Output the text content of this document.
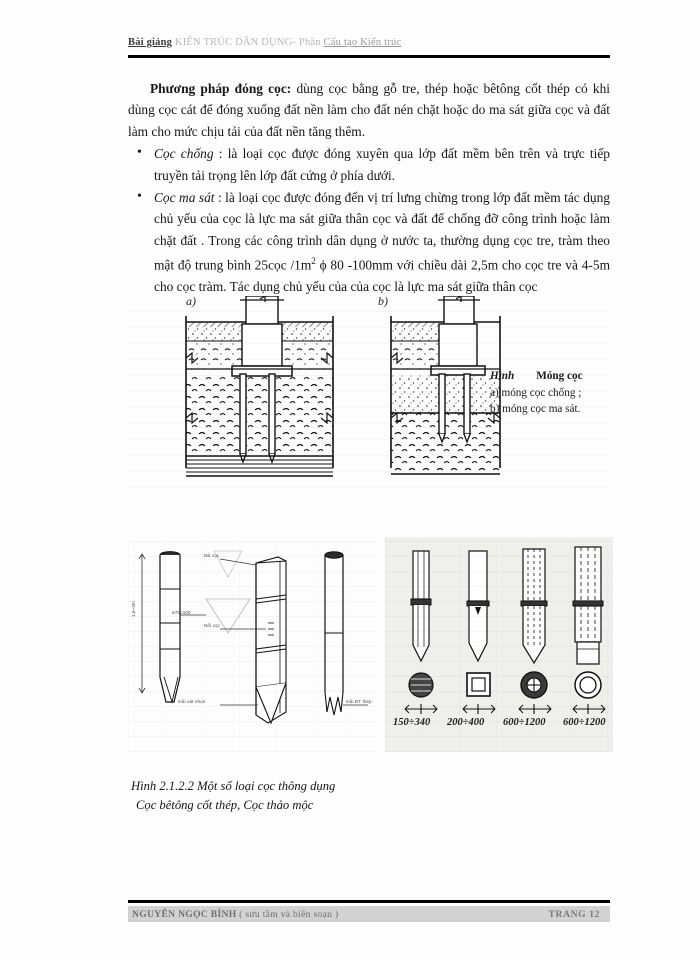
Bài giảng KIẾN TRÚC DÂN DỤNG- Phần Cấu tạo Kiến trúc

Phương pháp đóng cọc: dùng cọc bằng gỗ tre, thép hoặc bêtông cốt thép có khi dùng cọc cát để đóng xuống đất nền làm cho đất nén chặt hoặc do ma sát giữa cọc và đất làm cho mức chịu tải của đất nền tăng thêm.

• Cọc chống : là loại cọc được đóng xuyên qua lớp đất mềm bên trên và trực tiếp truyền tải trọng lên lớp đất cứng ở phía dưới.
• Cọc ma sát : là loại cọc được đóng đến vị trí lưng chừng trong lớp đất mềm tác dụng chủ yếu của cọc là lực ma sát giữa thân cọc và đất để chống đỡ công trình hoặc làm chặt đất . Trong các công trình dân dụng ở nước ta, thường dụng cọc tre, tràm theo mật độ trung bình 25cọc $/1m^2$ ϕ 80 -100mm với chiều dài 2,5m cho cọc tre và 4-5m cho cọc tràm. Tác dụng chủ yếu của của cọc là lực ma sát giữa thân cọc
a)	b)
Hình Móng cọc
a) móng cọc chống ;
b) móng cọc ma sát.
ø70÷100
1,5÷3m
Mũ cọc
Nối cọc
mũi vát nhọn	mũi BT thép
150÷340 200÷400 600÷1200 600÷1200
Hình 2.1.2.2 Một số loại cọc thông dụng
Cọc bêtông cốt thép, Cọc thảo mộc
NGUYỄN NGỌC BÌNH ( sưu tầm và biên soạn )	TRANG 12
